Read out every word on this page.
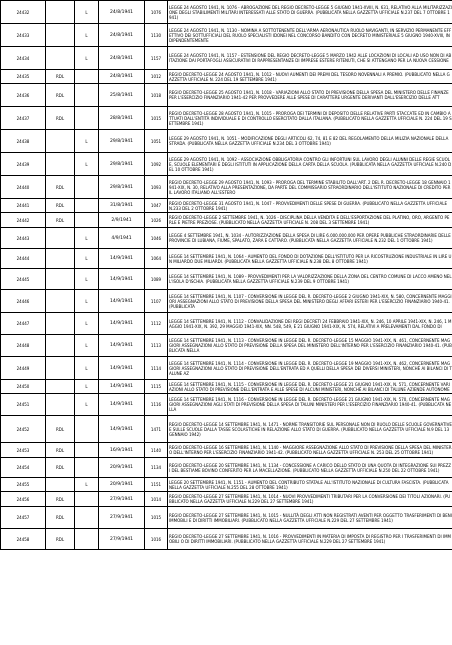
24432		L	24/8/1941	1076	LEGGE 24 AGOSTO 1941, N. 1076 - ABROGAZIONE DEL REGIO DECRETO-LEGGE 5 GIUGNO 1941-XVIII, N. 631, RELATIVO ALLA MILITARIZZAZIONE DEGLI STABILIMENTI MILITARI INTERESSATI ALLE STATO DI GUERRA. (PUBBLICATA NELLA GAZZETTA UFFICIALE N.237 DEL 7 OTTOBRE 1941)
24433		L	24/8/1941	1130	LEGGE 24 AGOSTO 1941, N. 1130 - NOMINA A SOTTOTENENTE DELL'ARMA AERONAUTICA RUOLO NAVIGANTI, IN SERVIZIO PERMANENTE EFFETTIVO DEI SOTTUFFICIALI DEL RUOLO SPECIALISTI IDONEI NEL CONCORSO BANDITO CON DECRETO MINISTERIALE 5 GIUGNO 1940-XVIII, INDIPENDENTEMENTE
24434		L	24/8/1941	1157	LEGGE 24 AGOSTO 1941, N. 1157 - ESTENSIONE DEL REGIO DECRETO-LEGGE 5 MARZO 1942 ALLE LOCAZIONI DI LOCALI AD USO NON DI ABITAZIONE DAI PORTAFOGLI ASSICURATIVI DI RAPPRESENTANZE DI IMPRESE ESTERE RITENUTI, CHE SI ATTENGANO PER LA NUOVA CESSIONE
24435	RDL		24/8/1941	1012	REGIO DECRETO-LEGGE 24 AGOSTO 1941, N. 1012 - NUOVI AUMENTI DEI PREMI DEL TESORO NOVENNALI A PREMIO. (PUBBLICATO NELLA GAZZETTA UFFICIALE N. 224 DEL 19 SETTEMBRE 1941)
24436	RDL		25/8/1941	1018	REGIO DECRETO-LEGGE 25 AGOSTO 1941, N. 1018 - VARIAZIONI ALLO STATO DI PREVISIONE DELLA SPESA DEL MINISTERO DELLE FINANZE PER L'ESERCIZIO FINANZIARIO 1941-42 PER PROVVEDERE ALLE SPESE DI CARATTERE URGENTE DERIVANTI DALL'ESERCIZIO DELLE ATT
24437	RDL		28/8/1941	1015	REGIO DECRETO-LEGGE 28 AGOSTO 1941, N. 1015 - PROROGA DEI TERMINI DI DEPOSITO DELLE RELATIVE PARTI STACCATE ED IN CAMBIO ATTUATI DALL'ENTITÀ INDIVIDUALE E DI CONTROLLO ESERCITATO DALLA ITALIANA. (PUBBLICATO NELLA GAZZETTA UFFICIALE N. 224 DEL 19 SETTEMBRE 1941)
24438		L	29/8/1941	1051	LEGGE 29 AGOSTO 1941, N. 1051 - MODIFICAZIONE DEGLI ARTICOLI 62, 74, 81 E 82 DEL REGOLAMENTO DELLA MILIZIA NAZIONALE DELLA STRADA. (PUBBLICATA NELLA GAZZETTA UFFICIALE N.234 DEL 3 OTTOBRE 1941)
24439		L	29/8/1941	1092	LEGGE 29 AGOSTO 1941, N. 1092 - ASSOCIAZIONE OBBLIGATORIA CONTRO GLI INFORTUNI SUL LAVORO DEGLI ALUNNI DELLE REGIE SCUOLE, SCUOLE ELEMENTARI E DEGLI ISTITUTI IN APPLICAZIONE DELLA CARTA DELLA SCUOLA. (PUBBLICATA NELLA GAZZETTA UFFICIALE N.240 DEL 10 OTTOBRE 1941)
24440	RDL		29/8/1941	1093	REGIO DECRETO-LEGGE 29 AGOSTO 1941, N. 1093 - PROROGA DEL TERMINE STABILITO DALL'ART. 2 DEL R. DECRETO-LEGGE 18 GENNAIO 1941-XIX, N. 30, RELATIVO ALLA PRESENTAZIONE, DA PARTE DEL COMMISSARIO STRAORDINARIO DELL'ISTITUTO NAZIONALE DI CREDITO PER IL LAVORO ITALIANO ALL'ESTERO
24441	RDL		31/8/1941	1047	REGIO DECRETO-LEGGE 31 AGOSTO 1941, N. 1047 - PROVVEDIMENTI DELLE SPESE DI GUERRA. (PUBBLICATO NELLA GAZZETTA UFFICIALE N.233 DEL 2 OTTOBRE 1941)
24442	RDL		2/9/1941	1026	REGIO DECRETO-LEGGE 2 SETTEMBRE 1941, N. 1026 - DISCIPLINA DELLA VENDITA E DELL'ESPORTAZIONE DEL PLATINO, ORO, ARGENTO PERLE E PIETRE PREZIOSE. (PUBBLICATO NELLA GAZZETTA UFFICIALE N. 208 DEL 3 SETTEMBRE 1941)
24443		L	4/9/1941	1046	LEGGE 4 SETTEMBRE 1941, N. 1034 - AUTORIZZAZIONE DELLA SPESA DI LIRE 6.000.000.000 PER OPERE PUBBLICHE STRAORDINARIE DELLE PROVINCIE DI LUBIANA, FIUME, SPALATO, ZARA E CATTARO. (PUBBLICATA NELLA GAZZETTA UFFICIALE N.232 DEL 1 OTTOBRE 1941)
24444		L	14/9/1941	1064	LEGGE 14 SETTEMBRE 1941, N. 1064 - AUMENTO DEL FONDO DI DOTAZIONE DELL'ISTITUTO PER LA RICOSTRUZIONE INDUSTRIALE IN LIRE UN MILIARDO DUE MILIARDI. (PUBBLICATA NELLA GAZZETTA UFFICIALE N.238 DEL 8 OTTOBRE 1941)
24445		L	14/9/1941	1089	LEGGE 14 SETTEMBRE 1941, N. 1089 - PROVVEDIMENTI PER LA VALORIZZAZIONE DELLA ZONA DEL CENTRO COMUNE DI LACCO AMENO NELL'ISOLA D'ISCHIA. (PUBBLICATA NELLA GAZZETTA UFFICIALE N.239 DEL 9 OTTOBRE 1941)
24446		L	14/9/1941	1107	LEGGE 14 SETTEMBRE 1941, N. 1107 - CONVERSIONE IN LEGGE DEL R. DECRETO-LEGGE 2 GIUGNO 1941-XIX, N. 580, CONCERNENTE MAGGIORI ASSEGNAZIONI ALLO STATO DI PREVISIONE DELLA SPESA DEL MINISTERO DEGLI AFFARI ESTERI PER L'ESERCIZIO FINANZIARIO 1940-41. (PUBBLICATA
24447		L	14/9/1941	1112	LEGGE 14 SETTEMBRE 1941, N. 1112 - CONVALIDAZIONE DEI REGI DECRETI 24 FEBBRAIO 1941-XIX, N. 246, 10 APRILE 1941-XIX, N. 246, 1 MAGGIO 1941-XIX, N. 392, 29 MAGGIO 1941-XIX, NN. 548, 549, E 21 GIUGNO 1941-XIX, N. 574, RELATIVI A PRELEVAMENTI DAL FONDO DI
24448		L	14/9/1941	1113	LEGGE 14 SETTEMBRE 1941, N. 1113 - CONVERSIONE IN LEGGE DEL R. DECRETO-LEGGE 15 MAGGIO 1941-XIX, N. 461, CONCERNENTE MAGGIORI ASSEGNAZIONI ALLO STATO DI PREVISIONE DELLA SPESA DEL MINISTERO DELL'INTERNO PER L'ESERCIZIO FINANZIARIO 1940-41. (PUBBLICATA NELLA
24449		L	14/9/1941	1114	LEGGE 14 SETTEMBRE 1941, N. 1114 - CONVERSIONE IN LEGGE DEL R. DECRETO-LEGGE 19 MAGGIO 1941-XIX, N. 462, CONCERNENTE MAGGIORI ASSEGNAZIONI ALLO STATO DI PREVISIONE DELL'ENTRATA ED A QUELLI DELLA SPESA DEI DIVERSI MINISTERI, NONCHÉ AI BILANCI DI TALUNE AZ
24450		L	14/9/1941	1115	LEGGE 14 SETTEMBRE 1941, N. 1115 - CONVERSIONE IN LEGGE DEL R. DECRETO-LEGGE 21 GIUGNO 1941-XIX, N. 571, CONCERNENTE VARIAZIONI ALLO STATO DI PREVISIONE DELL'ENTRATA E ALLE SPESE DI ALCUNI MINISTERI, NONCHÉ AI BILANCI DI TALUNE AZIENDE AUTONOME
24451		L	14/9/1941	1116	LEGGE 14 SETTEMBRE 1941, N. 1116 - CONVERSIONE IN LEGGE DEL R. DECRETO-LEGGE 21 GIUGNO 1941-XIX, N. 570, CONCERNENTE MAGGIORI ASSEGNAZIONI AGLI STATI DI PREVISIONE DELLA SPESA DI TALUNI MINISTERI PER L'ESERCIZIO FINANZIARIO 1940-41. (PUBBLICATA NELLA
24452	RDL		14/9/1941	1471	REGIO DECRETO-LEGGE 14 SETTEMBRE 1941, N. 1471 - NORME TRANSITORIE SUL PERSONALE NON DI RUOLO DELLE SCUOLE GOVERNATIVE E SULLE SCUOLE DALLA TASSE SCOLASTICHE IN RELAZIONE ALLO STATO DI GUERRA. (PUBBLICATO NELLA GAZZETTA UFFICIALE N.9 DEL 13 GENNAIO 1942)
24453	RDL		16/9/1941	1140	REGIO DECRETO-LEGGE 16 SETTEMBRE 1941, N. 1140 - MAGGIORE ASSEGNAZIONE ALLO STATO DI PREVISIONE DELLA SPESA DEL MINISTERO DELL'INTERNO PER L'ESERCIZIO FINANZIARIO 1941-42. (PUBBLICATO NELLA GAZZETTA UFFICIALE N. 253 DEL 25 OTTOBRE 1941)
24454	RDL		20/9/1941	1134	REGIO DECRETO-LEGGE 20 SETTEMBRE 1941, N. 1134 - CONCESSIONE A CARICO DELLO STATO DI UNA QUOTA DI INTEGRAZIONE SUI PREZZI DEL BESTIAME BOVINO CONFERITO PER LA MACELLAZIONE. (PUBBLICATO NELLA GAZZETTA UFFICIALE N.250 DEL 22 OTTOBRE 1941)
24455		L	20/9/1941	1151	LEGGE 20 SETTEMBRE 1941, N. 1151 - AUMENTO DEL CONTRIBUTO STATALE ALL'ISTITUTO NAZIONALE DI CULTURA FASCISTA. (PUBBLICATA NELLA GAZZETTA UFFICIALE N.255 DEL 28 OTTOBRE 1941)
24456	RDL		27/9/1941	1014	REGIO DECRETO-LEGGE 27 SETTEMBRE 1941, N. 1014 - NUOVI PROVVEDIMENTI TRIBUTARI PER LA CONVERSIONE DEI TITOLI AZIONARI. (PUBBLICATO NELLA GAZZETTA UFFICIALE N.229 DEL 27 SETTEMBRE 1941)
24457	RDL		27/9/1941	1015	REGIO DECRETO-LEGGE 27 SETTEMBRE 1941, N. 1015 - NULLITÀ DEGLI ATTI NON REGISTRATI AVENTI PER OGGETTO TRASFERIMENTI DI BENI IMMOBILI E DI DIRITTI IMMOBILIARI. (PUBBLICATO NELLA GAZZETTA UFFICIALE N.229 DEL 27 SETTEMBRE 1941)
24458	RDL		27/9/1941	1016	REGIO DECRETO-LEGGE 27 SETTEMBRE 1941, N. 1016 - PROVVEDIMENTI IN MATERIA DI IMPOSTA DI REGISTRO PER I TRASFERIMENTI DI IMMOBILI O DI DIRITTI IMMOBILIARI. (PUBBLICATO NELLA GAZZETTA UFFICIALE N.229 DEL 27 SETTEMBRE 1941)
